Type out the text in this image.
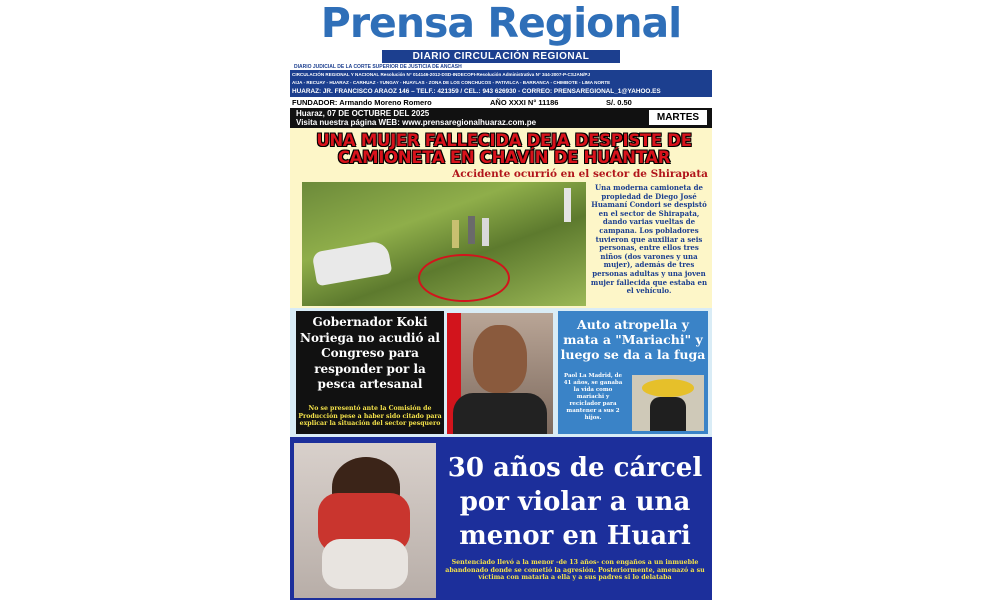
Prensa Regional
DIARIO CIRCULACIÓN REGIONAL
DIARIO JUDICIAL DE LA CORTE SUPERIOR DE JUSTICIA DE ANCASH
CIRCULACIÓN REGIONAL Y NACIONAL Resolución N° 014146-2012-DSD-INDECOPI-Resolución Administrativa N° 344-2007-P-CSJAN/PJ
AIJA - RECUAY - HUARAZ - CARHUAZ - YUNGAY - HUAYLAS - ZONA DE LOS CONCHUCOS - PATIVILCA - BARRANCA - CHIMBOTE - LIMA NORTE
HUARAZ: JR. FRANCISCO ARAOZ 146 – TELF.: 421359 / CEL.: 943 626930 - CORREO: PRENSAREGIONAL_1@YAHOO.ES
FUNDADOR: Armando Moreno Romero	AÑO XXXI N° 11186	S/. 0.50
Huaraz, 07 DE OCTUBRE DEL 2025
Visita nuestra página WEB: www.prensaregionalhuaraz.com.pe	MARTES
UNA MUJER FALLECIDA DEJA DESPISTE DE CAMIONETA EN CHAVÍN DE HUÁNTAR
Accidente ocurrió en el sector de Shirapata
Una moderna camioneta de propiedad de Diego José Huamaní Condori se despistó en el sector de Shirapata, dando varias vueltas de campana. Los pobladores tuvieron que auxiliar a seis personas, entre ellos tres niños (dos varones y una mujer), además de tres personas adultas y una joven mujer fallecida que estaba en el vehículo.
Gobernador Koki Noriega no acudió al Congreso para responder por la pesca artesanal
No se presentó ante la Comisión de Producción pese a haber sido citado para explicar la situación del sector pesquero
Auto atropella y mata a "Mariachi" y luego se da a la fuga
Paol La Madrid, de 41 años, se ganaba la vida como mariachi y reciclador para mantener a sus 2 hijos.
30 años de cárcel por violar a una menor en Huari
Sentenciado llevó a la menor -de 13 años- con engaños a un inmueble abandonado donde se cometió la agresión. Posteriormente, amenazó a su víctima con matarla a ella y a sus padres si lo delataba
